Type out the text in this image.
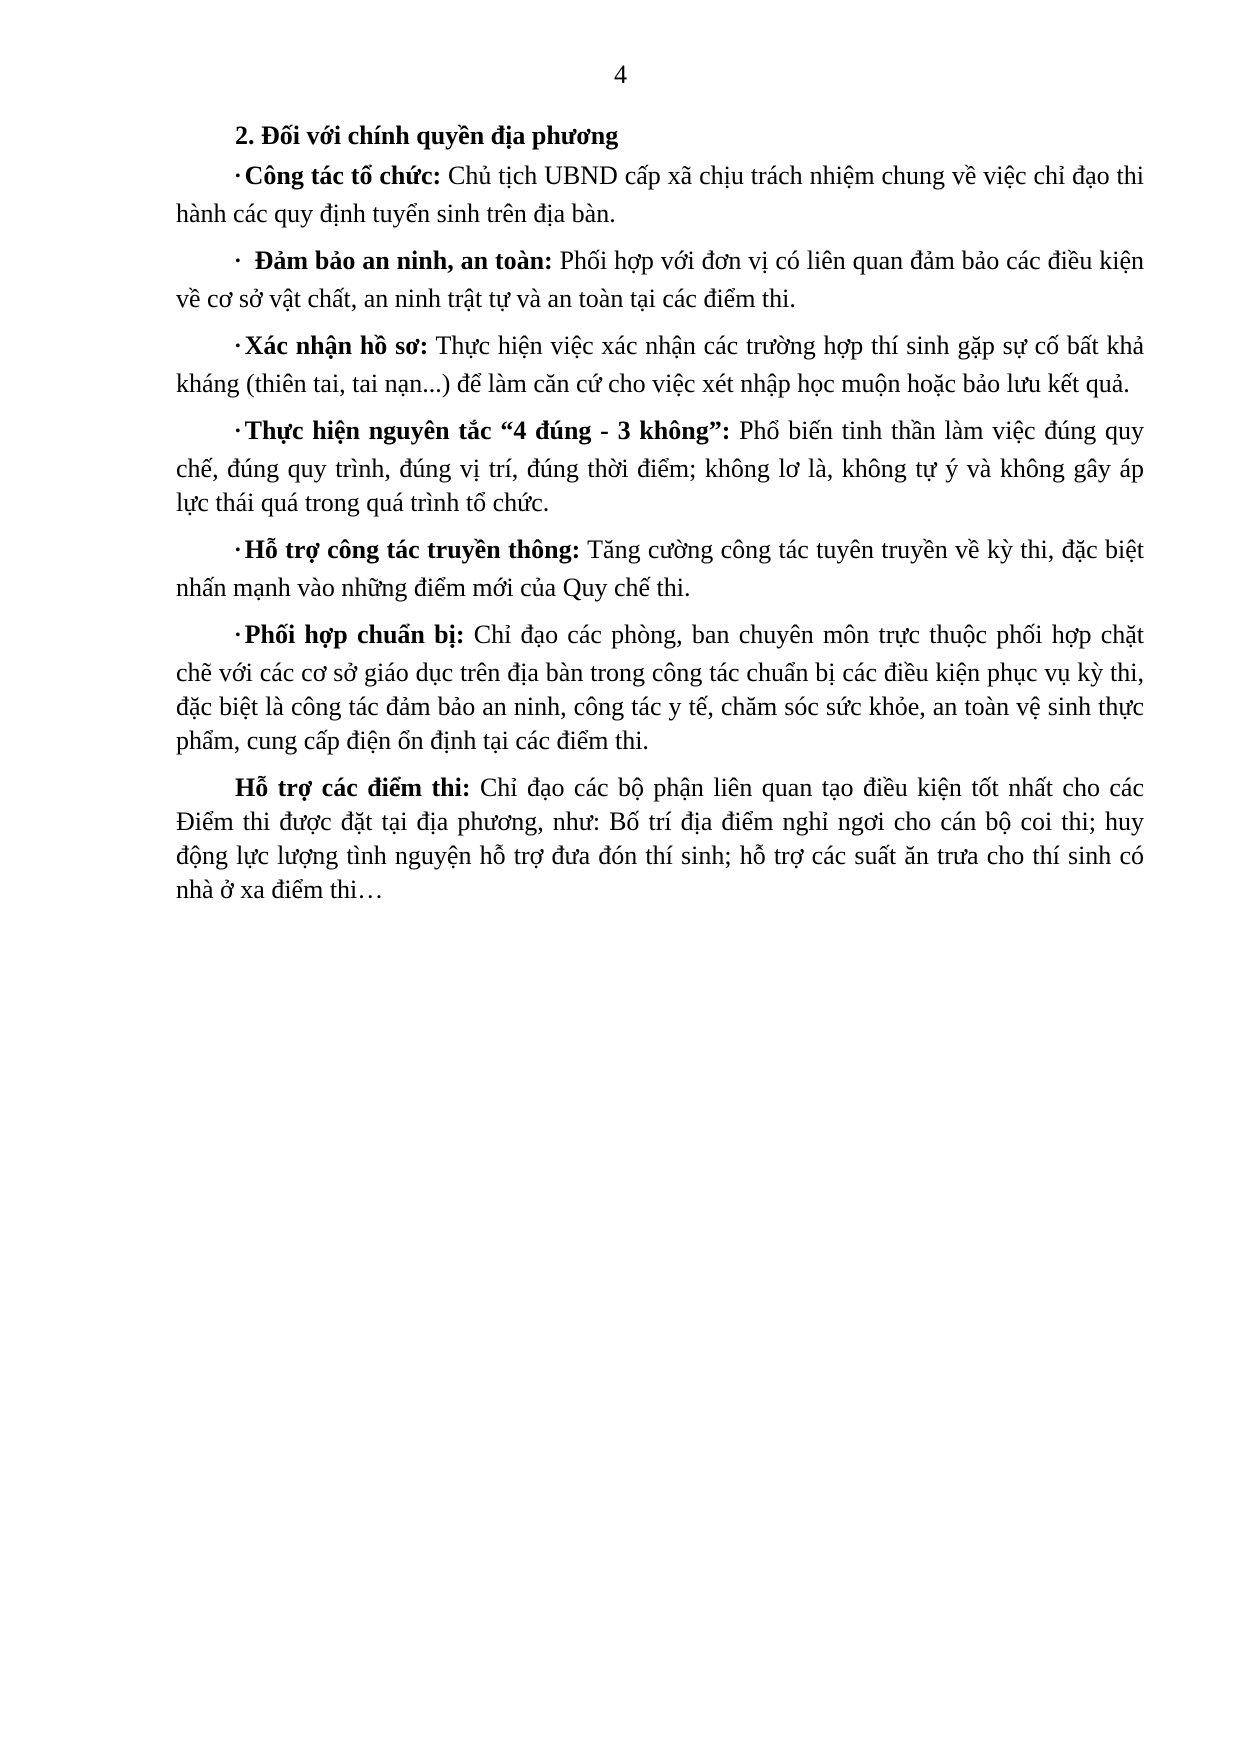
4

2. Đối với chính quyền địa phương

• Công tác tổ chức: Chủ tịch UBND cấp xã chịu trách nhiệm chung về việc chỉ đạo thi hành các quy định tuyển sinh trên địa bàn.

• Đảm bảo an ninh, an toàn: Phối hợp với đơn vị có liên quan đảm bảo các điều kiện về cơ sở vật chất, an ninh trật tự và an toàn tại các điểm thi.

• Xác nhận hồ sơ: Thực hiện việc xác nhận các trường hợp thí sinh gặp sự cố bất khả kháng (thiên tai, tai nạn...) để làm căn cứ cho việc xét nhập học muộn hoặc bảo lưu kết quả.

• Thực hiện nguyên tắc “4 đúng - 3 không”: Phổ biến tinh thần làm việc đúng quy chế, đúng quy trình, đúng vị trí, đúng thời điểm; không lơ là, không tự ý và không gây áp lực thái quá trong quá trình tổ chức.

• Hỗ trợ công tác truyền thông: Tăng cường công tác tuyên truyền về kỳ thi, đặc biệt nhấn mạnh vào những điểm mới của Quy chế thi.

• Phối hợp chuẩn bị: Chỉ đạo các phòng, ban chuyên môn trực thuộc phối hợp chặt chẽ với các cơ sở giáo dục trên địa bàn trong công tác chuẩn bị các điều kiện phục vụ kỳ thi, đặc biệt là công tác đảm bảo an ninh, công tác y tế, chăm sóc sức khỏe, an toàn vệ sinh thực phẩm, cung cấp điện ổn định tại các điểm thi.

Hỗ trợ các điểm thi: Chỉ đạo các bộ phận liên quan tạo điều kiện tốt nhất cho các Điểm thi được đặt tại địa phương, như: Bố trí địa điểm nghỉ ngơi cho cán bộ coi thi; huy động lực lượng tình nguyện hỗ trợ đưa đón thí sinh; hỗ trợ các suất ăn trưa cho thí sinh có nhà ở xa điểm thi…
